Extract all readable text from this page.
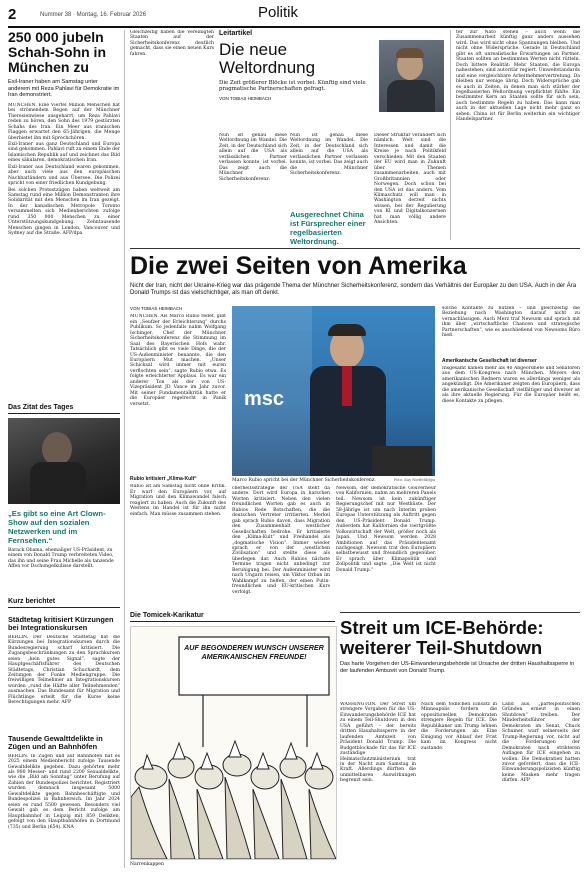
2	Nummer 38 · Montag, 16. Februar 2026	Politik
250 000 jubeln Schah-Sohn in München zu
Exil-Iraner haben am Samstag unter anderem mit Reza Pahlavi für Demokratie im Iran demonstriert.

MÜNCHEN. Eine Viertel Million Menschen hat bei strömendem Regen auf der Münchner Theresienwiese ausgeharrt, um Reza Pahlavi reden zu hören, den Sohn des 1979 gestürzten Schahs des Iran. Ein Meer aus iranischen Flaggen erwartet den 65-Jährigen, die Menge überbietet ihn mit Sprechchören.

Exil-Iraner aus ganz Deutschland und Europa sind gekommen. Pahlavi ruft zu einem Ende der Islamischen Republik auf und zeichnet das Bild eines säkularen, demokratischen Iran.

Exil-Iraner aus Deutschland waren gekommen, aber auch viele aus den europäischen Nachbarländern und aus Übersee. Die Polizei spricht von einer friedlichen Kundgebung.

Bei solchen Protestzügen haben weltweit am Samstag rund eine Million Demonstranten ihre Solidarität mit den Menschen im Iran gezeigt. In der kanadischen Metropole Toronto versammelten sich Medienberichten zufolge rund 350 000 Menschen zu einer Unterstützungskundgebung. Zehntausende Menschen gingen in London, Vancouver und Sydney auf die Straße. AFP/dpa

Das Zitat des Tages
„Es gibt so eine Art Clown-Show auf den sozialen Netzwerken und im Fernsehen.“
Barack Obama, ehemaliger US-Präsident, zu einem von Donald Trump verbreiteten Video, das ihn und seine Frau Michelle als tanzende Affen vor Dschungelkulisse darstellt.
Kurz berichtet
Städtetag kritisiert Kürzungen bei Integrationskursen
BERLIN. Der Deutsche Städtetag hat die Kürzungen bei Integrationskursen durch die Bundesregierung scharf kritisiert. Die Zugangsbeschränkungen zu den Sprachkursen seien „kein gutes Signal“, sagte der Hauptgeschäftsführer des Deutschen Städtetags, Christian Schuchardt, dem Zeitungen der Funke Mediengruppe. Die freiwilligen Teilnehmer an Integrationskursen wurden „rund die Hälfte aller Teilnehmenden“ ausmachen. Das Bundesamt für Migration und Flüchtlinge erteilt für die Kurse keine Berechtigungen mehr. AFP
Tausende Gewalttdelikte in Zügen und an Bahnhöfen
BERLIN. In Zügen und auf Bahnhöfen hat es 2025 einem Medienbericht zufolge Tausende Gewaltdelikte gegeben. Dazu gehörten mehr als 980 Messer- und rund 2200 Sexualdelikte, wie die „Bild am Sonntag“ unter Berufung auf Zahlen der Bundespolizei berichtet. Registriert wurden demnach insgesamt 5000 Gewaltdelikte gegen Bahnbeschäftigte und Bundespolizei in Bahnbereich. Im Jahr 2024 seien es rund 5500 gewesen. Besonders viel Gewalt gab es dem Bericht zufolge am Hauptbahnhof in Leipzig mit 859 Delikten, gefolgt von den Hauptbahnhöfen in Dortmund (735) und Berlin (654). KNA
Leitartikel
Die neue Weltordnung
Die Zeit größerer Blöcke ist vorbei. Künftig sind viele pragmatische Partnerschaften gefragt.
VON TOBIAS HEIMBACH
Nun ist genau diese Weltordnung im Wandel. Die Zeit, in der Deutschland sich allein auf die USA als verlässlichen Partner verlassen konnte, ist vorbei. Das zeigt auch die Münchner Sicherheitskonferenz.
Ausgerechnet China ist Fürsprecher einer regelbasierten Weltordnung.
Nun ist genau diese Weltordnung im Wandel. Die Zeit, in der Deutschland sich allein auf die USA als verlässlichen Partner verlassen konnte, ist vorbei. Das zeigt auch die Münchner Sicherheitskonferenz.
Dieser Struktur verändert sich nämlich. Welt sind die Interessen und damit die Kreise je nach Politikfeld verschieden. Mit den Staaten der EU wird man in Zukunft über Themen zusammenarbeiten, auch mit Großbritannien oder Norwegen. Doch schon bei den USA ist das anders. Vom Klimaschutz will man in Washington derzeit nichts wissen, bei der Regulierung von KI und Digitalkonzernen hat man völlig andere Ansichten.
Gleichzeitig haben die Vereinigten Staaten auf der Sicherheitskonferenz deutlich gemacht, dass sie einen neuen Kurs fahren.
ter zur Nato stehen – auch wenn die Zusammenarbeit künftig ganz anders aussehen wird. Das wird nicht ohne Spannungen bleiben. Und nicht ohne Widersprüche. Gerade in Deutschland gibt es oft unrealistische Erwartungen an Partner. Staaten sollten an bestimmten Werten nicht rütteln. Doch bittere Realität: Mehr Staaten, die Europa nahestehen, sind autoritär regiert. Umweltstandards und eine vergleichbare Arbeitnehmervertretung. Da bleiben nur wenige übrig. Doch Widersprüche gab es auch in Zeiten, in denen man sich stärker der regelbasierten Weltordnung verpflichtet fühlte. Ein bestimmter Kern an Staaten sollte für sich sein, auch bestimmte Regeln zu haben. Das kann man auch in der aktuellen Lage nicht mehr ganz so sehen. China ist für Berlin weiterhin ein wichtiger Handelspartner.
Die zwei Seiten von Amerika
Nicht der Iran, nicht der Ukraine-Krieg war das prägende Thema der Münchner Sicherheitskonferenz, sondern das Verhältnis der Europäer zu den USA. Auch in der Ära Donald Trumps ist das vielschichtiger, als man oft denkt.
VON TOBIAS HEIMBACH
MÜNCHEN. Als Marco Rubio redet, gibt ein „Seufzer der Erleichterung“ durchs Publikum. So jedenfalls nahm Wolfgang Ischinger, Chef der Münchner Sicherheitskonferenz die Stimmung im Saal des Bayerischen Hofs wahr. Tatsächlich gibt es viele Dinge, die der US-Außenminister benannte, die den Europäern Mut machen. „Unser Schicksal wird immer mit euren verflochten sein“, sagte Rubio etwa. Es folgte erleichterter Applaus. Es war ein anderer Ton als der von US-Vizepräsident JD Vance im Jahr zuvor. Mit seiner Fundamentalkritik hatte er die Europäer regelrecht in Panik versetzt.
Rubio kritisiert „Klima-Kult“
Rubio ist am Samstag nicht ohne Kritik. Er warf den Europäern vor, auf Migration und den Klimawandel falsch reagiert zu haben. Auch die Zukunft des Westens im Handel ist für ihn nicht einfach. Man müsse zusammen stehen.
msc
Marco Rubio spricht bei der Münchner Sicherheitskonferenz.	Foto: Kay Nietfeld/dpa
cherheitsstrategie der USA steht da andere. Dort wird Europa in harschen Worten kritisiert. Neben den vielen freundlichen Worten gab es auch in Rubios Rede Botschaften, die die deutschen Vertreter irritierten. Merkel gab sprach Rubio davon, dass Migration den Zusammenhalt westlicher Gesellschaften bedrohe. Er kritisierte den „Klima-Kult“ und Freihandel als „dogmatische Vision“. Immer wieder sprach er von der „westlichen Zivilisation“ und stellte diese als überlegen dar. Auch Rubios nächste Termine tragen nicht unbedingt zur Beruhigung bei. Der Außenminister wird nach Ungarn reisen, um Viktor Orban im Wahlkampf zu helfen, der einen Putin-freundlichen und EU-kritischen Kurs verfolgt.
Newsom, der demokratische Gouverneur von Kalifornien, nahm an mehreren Panels teil. Newsom ist kein zukünftiger Regierungschef mit nur Westküste. Der 58-Jährige ist um nach Interim proben Europas Unterstützung als Auftritt gegen den US-Präsident Donald Trump. Außerdem hat Kalifornien die viertgrößte Volkswirtschaft der Welt, größer noch als Japan. Und Newsom werden 2028 Ambitionen auf das Präsidentenamt nachgesagt. Newsom trat den Europäern selbstbewusst und freundlich gegenüber. Er sprach über Klimapolitik und Zollpolitik und sagte: „Die Welt ist nicht Donald Trump.“
solche Kontakte zu nutzen – und gleichzeitig die Beziehung nach Washington darauf nicht zu vernachlässigen. Auch Merz traf Newsom und sprach mit ihm über „wirtschaftliche Chancen und strategische Partnerschaften“, wie es anschließend von Newsoms Büro hieß.
Amerikanische Gesellschaft ist diverser
Insgesamt kamen mehr als 40 Abgeordnete und Senatoren aus dem US-Kongress nach München. Meyers den amerikanischen Rednern waren es allerdings weniger als angekündigt. Die Amerikaner zeigten den Europäern, dass die amerikanische Gesellschaft vielfältiger und diverser ist als ihre aktuelle Regierung. Für die Europäer heißt es, diese Kontakte zu pflegen.
Die Tomicek-Karikatur
AUF BEGONDEREN WUNSCH UNSERER AMERIKANISCHEN FREUNDE!
Narrenkappen
Streit um ICE-Behörde: weiterer Teil-Shutdown
Das harte Vorgehen der US-Einwanderungsbehörde ist Ursache der dritten Haushaltssperre in der laufenden Amtszeit von Donald Trump.
WASHINGTON. Der Streit um strengere Vorgaben für die US-Einwanderungsbehörde ICE hat zu einem Teil-Shutdown in den USA geführt – der bereits dritten Haushaltssperre in der laufenden Amtszeit von Präsident Donald Trump. Die Budgetblockade für das für ICE zuständige Heimatschutzministerium trat in der Nacht zum Samstag in Kraft. Allerdings dürften die unmittelbaren Auswirkungen begrenzt sein.
Nach dem tödlichen Einsatz in Minneapolis fordern die oppositionellen Demokraten strengere Regeln für ICE. Die Republikaner um Trump lehnen die Forderungen ab. Eine Einigung vor Ablauf der Frist kam im Kongress nicht zustande.
Land aus, „parteipolitischen Gründen erneut in einen Shutdown“ treiben. Der Minderheitsführer der Demokraten im Senat, Chuck Schumer, warf seinerseits der Trump-Regierung vor, nicht auf die Forderungen der Demokraten nach strikteren Auflagen für ICE eingehen zu wollen. Die Demokratien hatten zuvor gefordert, dass die ICE-Einwanderungspolizisten künftig keine Masken mehr tragen dürfen. AFP
